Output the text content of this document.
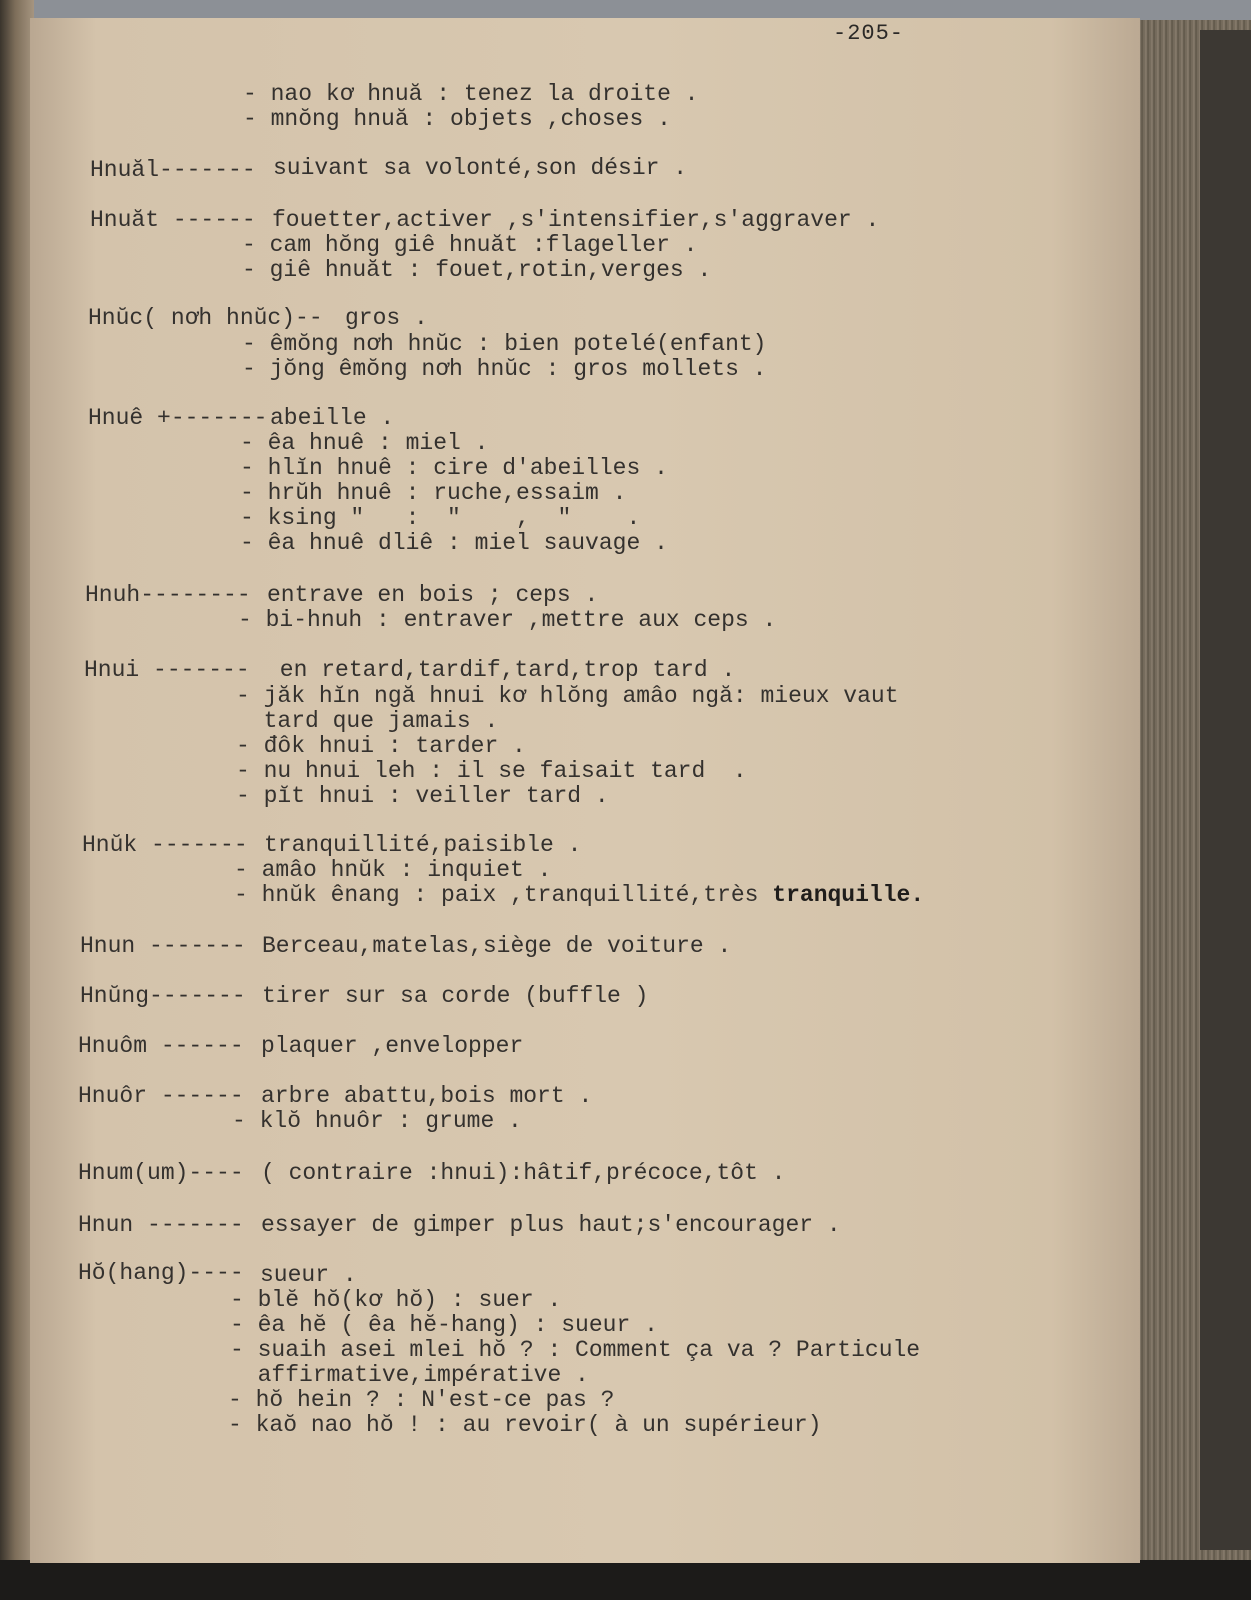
-205-
- nao kơ hnuă : tenez la droite .
- mnŏng hnuă : objets ,choses .
Hnuăl------- suivant sa volonté,son désir .
Hnuăt ------ fouetter,activer ,s'intensifier,s'aggraver .
- cam hŏng giê hnuăt :flageller .
- giê hnuăt : fouet,rotin,verges .
Hnŭc( nơh hnŭc)-- gros .
- êmŏng nơh hnŭc : bien potelé(enfant)
- jŏng êmŏng nơh hnŭc : gros mollets .
Hnuê +------- abeille .
- êa hnuê : miel .
- hlĭn hnuê : cire d'abeilles .
- hrŭh hnuê : ruche,essaim .
- ksing "   :  "    ,  "    .
- êa hnuê dliê : miel sauvage .
Hnuh-------- entrave en bois ; ceps .
- bi-hnuh : entraver ,mettre aux ceps .
Hnui ------- en retard,tardif,tard,trop tard .
- jăk hĭn ngă hnui kơ hlŏng amâo ngă: mieux vaut
tard que jamais .
- đôk hnui : tarder .
- nu hnui leh : il se faisait tard  .
- pĭt hnui : veiller tard .
Hnŭk ------- tranquillité,paisible .
- amâo hnŭk : inquiet .
- hnŭk ênang : paix ,tranquillité,très tranquille.
Hnun ------- Berceau,matelas,siège de voiture .
Hnŭng------- tirer sur sa corde (buffle )
Hnuôm ------ plaquer ,envelopper
Hnuôr ------ arbre abattu,bois mort .
- klŏ hnuôr : grume .
Hnum(um)---- ( contraire :hnui):hâtif,précoce,tôt .
Hnun ------- essayer de gimper plus haut;s'encourager .
Hŏ(hang)---- sueur .
- blĕ hŏ(kơ hŏ) : suer .
- êa hĕ ( êa hĕ-hang) : sueur .
- suaih asei mlei hŏ ? : Comment ça va ? Particule
affirmative,impérative .
- hŏ hein ? : N'est-ce pas ?
- kaŏ nao hŏ ! : au revoir( à un supérieur)
